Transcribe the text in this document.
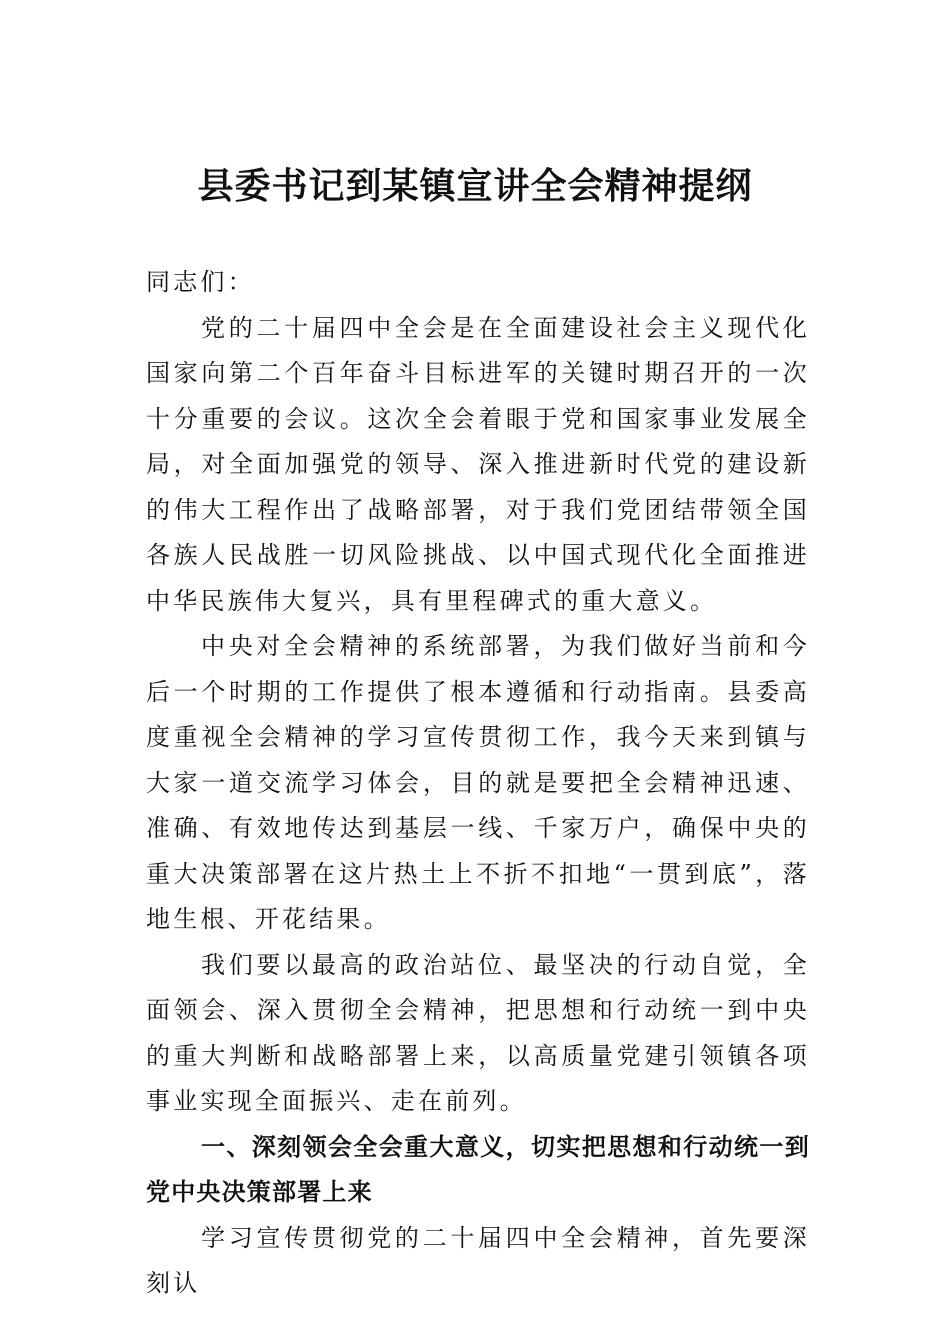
县委书记到某镇宣讲全会精神提纲

同志们：

党的二十届四中全会是在全面建设社会主义现代化国家向第二个百年奋斗目标进军的关键时期召开的一次十分重要的会议。这次全会着眼于党和国家事业发展全局，对全面加强党的领导、深入推进新时代党的建设新的伟大工程作出了战略部署，对于我们党团结带领全国各族人民战胜一切风险挑战、以中国式现代化全面推进中华民族伟大复兴，具有里程碑式的重大意义。

中央对全会精神的系统部署，为我们做好当前和今后一个时期的工作提供了根本遵循和行动指南。县委高度重视全会精神的学习宣传贯彻工作，我今天来到镇与大家一道交流学习体会，目的就是要把全会精神迅速、准确、有效地传达到基层一线、千家万户，确保中央的重大决策部署在这片热土上不折不扣地“一贯到底”，落地生根、开花结果。

我们要以最高的政治站位、最坚决的行动自觉，全面领会、深入贯彻全会精神，把思想和行动统一到中央的重大判断和战略部署上来，以高质量党建引领镇各项事业实现全面振兴、走在前列。

一、深刻领会全会重大意义，切实把思想和行动统一到党中央决策部署上来

学习宣传贯彻党的二十届四中全会精神，首先要深刻认
